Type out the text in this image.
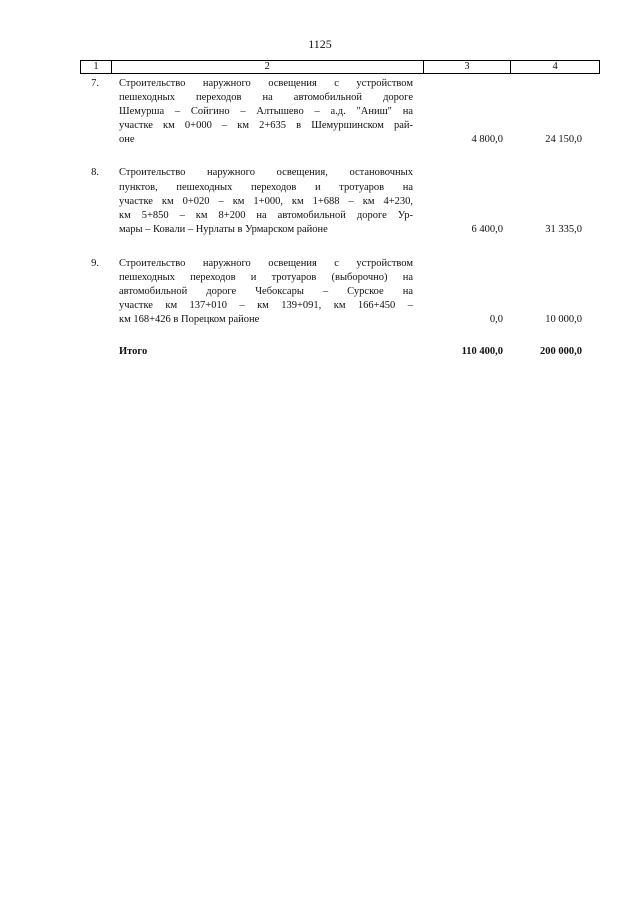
1125
1	2	3	4
7.	Строительство наружного освещения с устройством
пешеходных переходов на автомобильной дороге
Шемурша – Сойгино – Алтышево – а.д. "Аниш" на
участке км 0+000 – км 2+635 в Шемуршинском рай-
оне	4 800,0	24 150,0
8.	Строительство наружного освещения, остановочных
пунктов, пешеходных переходов и тротуаров на
участке км 0+020 – км 1+000, км 1+688 – км 4+230,
км 5+850 – км 8+200 на автомобильной дороге Ур-
мары – Ковали – Нурлаты в Урмарском районе	6 400,0	31 335,0
9.	Строительство наружного освещения с устройством
пешеходных переходов и тротуаров (выборочно) на
автомобильной дороге Чебоксары – Сурское на
участке км 137+010 – км 139+091, км 166+450 –
км 168+426 в Порецком районе	0,0	10 000,0
Итого	110 400,0	200 000,0
